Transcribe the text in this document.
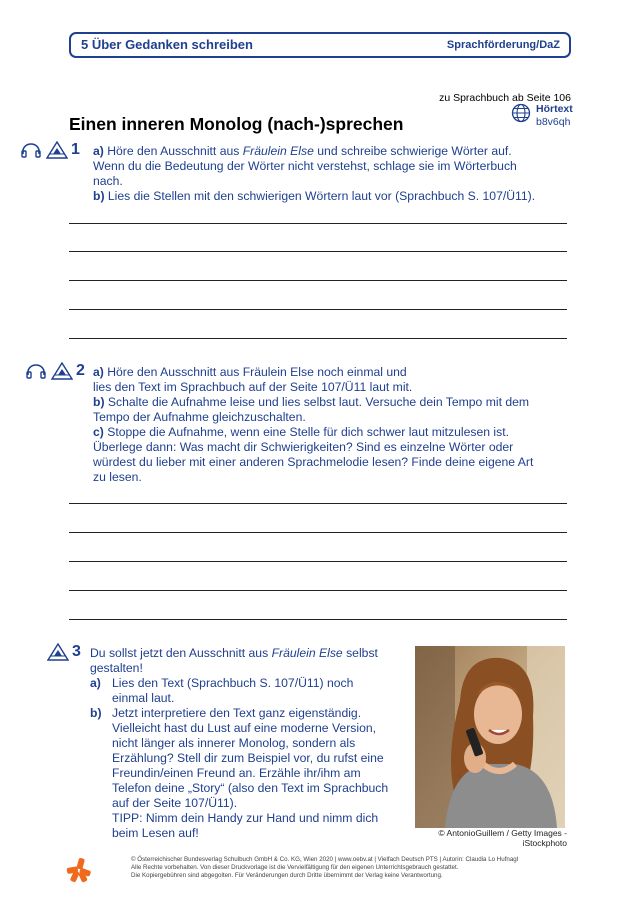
5 Über Gedanken schreiben	Sprachförderung/DaZ
zu Sprachbuch ab Seite 106
Hörtext
b8v6qh
Einen inneren Monolog (nach-)sprechen
1 a) Höre den Ausschnitt aus Fräulein Else und schreibe schwierige Wörter auf.
Wenn du die Bedeutung der Wörter nicht verstehst, schlage sie im Wörterbuch
nach.
b) Lies die Stellen mit den schwierigen Wörtern laut vor (Sprachbuch S. 107/Ü11).
2 a) Höre den Ausschnitt aus Fräulein Else noch einmal und
lies den Text im Sprachbuch auf der Seite 107/Ü11 laut mit.
b) Schalte die Aufnahme leise und lies selbst laut. Versuche dein Tempo mit dem
Tempo der Aufnahme gleichzuschalten.
c) Stoppe die Aufnahme, wenn eine Stelle für dich schwer laut mitzulesen ist.
Überlege dann: Was macht dir Schwierigkeiten? Sind es einzelne Wörter oder
würdest du lieber mit einer anderen Sprachmelodie lesen? Finde deine eigene Art
zu lesen.
3 Du sollst jetzt den Ausschnitt aus Fräulein Else selbst
gestalten!
a) Lies den Text (Sprachbuch S. 107/Ü11) noch
einmal laut.
b) Jetzt interpretiere den Text ganz eigenständig.
Vielleicht hast du Lust auf eine moderne Version,
nicht länger als innerer Monolog, sondern als
Erzählung? Stell dir zum Beispiel vor, du rufst eine
Freundin/einen Freund an. Erzähle ihr/ihm am
Telefon deine „Story“ (also den Text im Sprachbuch
auf der Seite 107/Ü11).
TIPP: Nimm dein Handy zur Hand und nimm dich
beim Lesen auf!	© AntonioGuillem / Getty Images -
iStockphoto
© Österreichischer Bundesverlag Schulbuch GmbH & Co. KG, Wien 2020 | www.oebv.at | Vielfach Deutsch PTS | Autorin: Claudia Lo Hufnagl
Alle Rechte vorbehalten. Von dieser Druckvorlage ist die Vervielfältigung für den eigenen Unterrichtsgebrauch gestattet.
Die Kopiergebühren sind abgegolten. Für Veränderungen durch Dritte übernimmt der Verlag keine Verantwortung.
